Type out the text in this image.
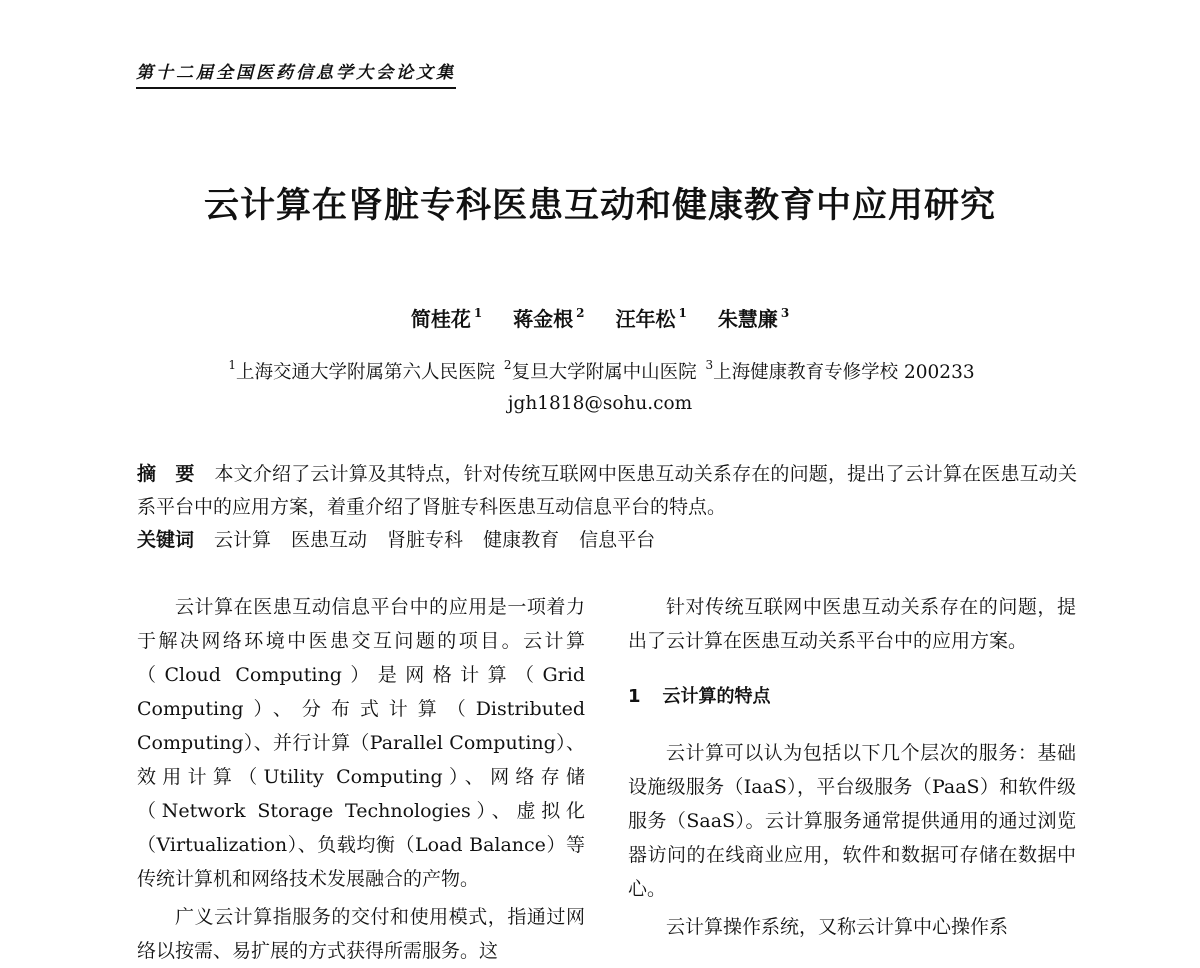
第十二届全国医药信息学大会论文集
云计算在肾脏专科医患互动和健康教育中应用研究
简桂花 $^1$ 蒋金根 $^2$ 汪年松 $^1$ 朱慧廉 $^3$
$^1$上海交通大学附属第六人民医院 $^2$复旦大学附属中山医院 $^3$上海健康教育专修学校 200233
jgh1818@sohu.com
摘　要 本文介绍了云计算及其特点，针对传统互联网中医患互动关系存在的问题，提出了云计算在医患互动关系平台中的应用方案，着重介绍了肾脏专科医患互动信息平台的特点。
关键词 云计算 医患互动 肾脏专科 健康教育 信息平台

云计算在医患互动信息平台中的应用是一项着力于解决网络环境中医患交互问题的项目。云计算（Cloud Computing）是网格计算（Grid Computing）、分布式计算（Distributed Computing）、并行计算（Parallel Computing）、效用计算（Utility Computing）、网络存储（Network Storage Technologies）、虚拟化（Virtualization）、负载均衡（Load Balance）等传统计算机和网络技术发展融合的产物。

广义云计算指服务的交付和使用模式，指通过网络以按需、易扩展的方式获得所需服务。这

针对传统互联网中医患互动关系存在的问题，提出了云计算在医患互动关系平台中的应用方案。

1 云计算的特点

云计算可以认为包括以下几个层次的服务：基础设施级服务（IaaS），平台级服务（PaaS）和软件级服务（SaaS）。云计算服务通常提供通用的通过浏览器访问的在线商业应用，软件和数据可存储在数据中心。

云计算操作系统，又称云计算中心操作系
